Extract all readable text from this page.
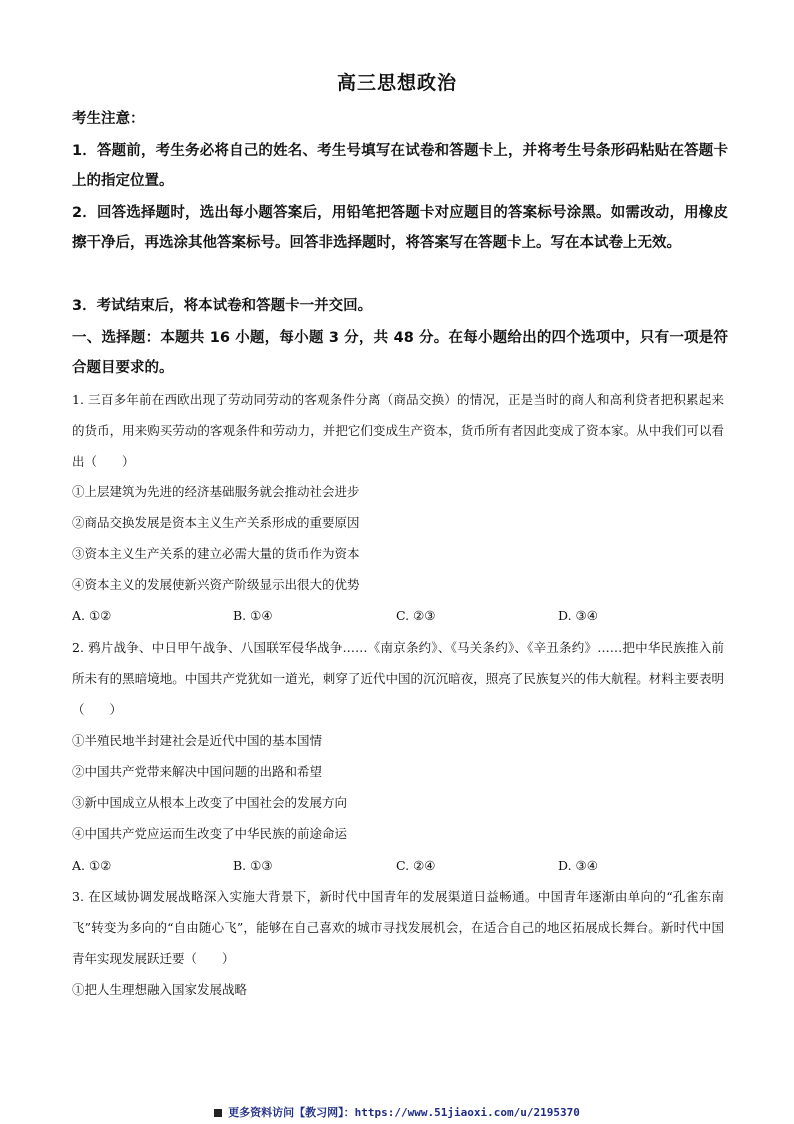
高三思想政治
考生注意：
1．答题前，考生务必将自己的姓名、考生号填写在试卷和答题卡上，并将考生号条形码粘贴在答题卡上的指定位置。
2．回答选择题时，选出每小题答案后，用铅笔把答题卡对应题目的答案标号涂黑。如需改动，用橡皮擦干净后，再选涂其他答案标号。回答非选择题时，将答案写在答题卡上。写在本试卷上无效。
3．考试结束后，将本试卷和答题卡一并交回。
一、选择题：本题共 16 小题，每小题 3 分，共 48 分。在每小题给出的四个选项中，只有一项是符合题目要求的。
1. 三百多年前在西欧出现了劳动同劳动的客观条件分离（商品交换）的情况，正是当时的商人和高利贷者把积累起来的货币，用来购买劳动的客观条件和劳动力，并把它们变成生产资本，货币所有者因此变成了资本家。从中我们可以看出（　　）
①上层建筑为先进的经济基础服务就会推动社会进步
②商品交换发展是资本主义生产关系形成的重要原因
③资本主义生产关系的建立必需大量的货币作为资本
④资本主义的发展使新兴资产阶级显示出很大的优势
A. ①②	B. ①④	C. ②③	D. ③④
2. 鸦片战争、中日甲午战争、八国联军侵华战争……《南京条约》、《马关条约》、《辛丑条约》……把中华民族推入前所未有的黑暗境地。中国共产党犹如一道光，刺穿了近代中国的沉沉暗夜，照亮了民族复兴的伟大航程。材料主要表明（　　）
①半殖民地半封建社会是近代中国的基本国情
②中国共产党带来解决中国问题的出路和希望
③新中国成立从根本上改变了中国社会的发展方向
④中国共产党应运而生改变了中华民族的前途命运
A. ①②	B. ①③	C. ②④	D. ③④
3. 在区域协调发展战略深入实施大背景下，新时代中国青年的发展渠道日益畅通。中国青年逐渐由单向的“孔雀东南飞”转变为多向的“自由随心飞”，能够在自己喜欢的城市寻找发展机会，在适合自己的地区拓展成长舞台。新时代中国青年实现发展跃迁要（　　）
①把人生理想融入国家发展战略
更多资料访问【教习网】：https://www.51jiaoxi.com/u/2195370
